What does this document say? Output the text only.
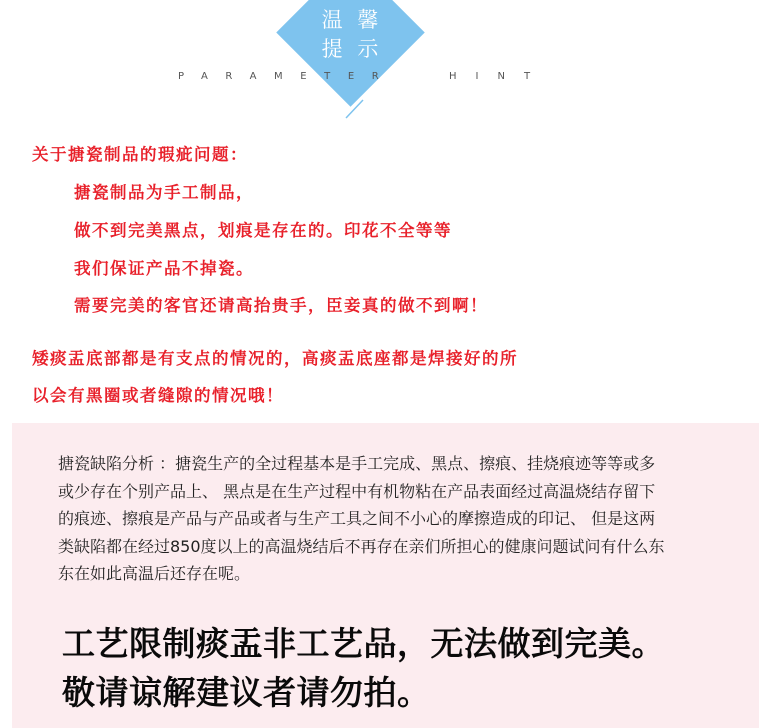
温 馨
提 示
PARAMETER	HINT
关于搪瓷制品的瑕疵问题：
搪瓷制品为手工制品，
做不到完美黑点，划痕是存在的。印花不全等等
我们保证产品不掉瓷。
需要完美的客官还请高抬贵手，臣妾真的做不到啊！
矮痰盂底部都是有支点的情况的，高痰盂底座都是焊接好的所
以会有黑圈或者缝隙的情况哦！
搪瓷缺陷分析 ：搪瓷生产的全过程基本是手工完成、黑点、擦痕、挂烧痕迹等等或多
或少存在个别产品上、 黑点是在生产过程中有机物粘在产品表面经过高温烧结存留下
的痕迹、擦痕是产品与产品或者与生产工具之间不小心的摩擦造成的印记、 但是这两
类缺陷都在经过850度以上的高温烧结后不再存在亲们所担心的健康问题试问有什么东
东在如此高温后还存在呢。
工艺限制痰盂非工艺品，无法做到完美。
敬请谅解建议者请勿拍。
